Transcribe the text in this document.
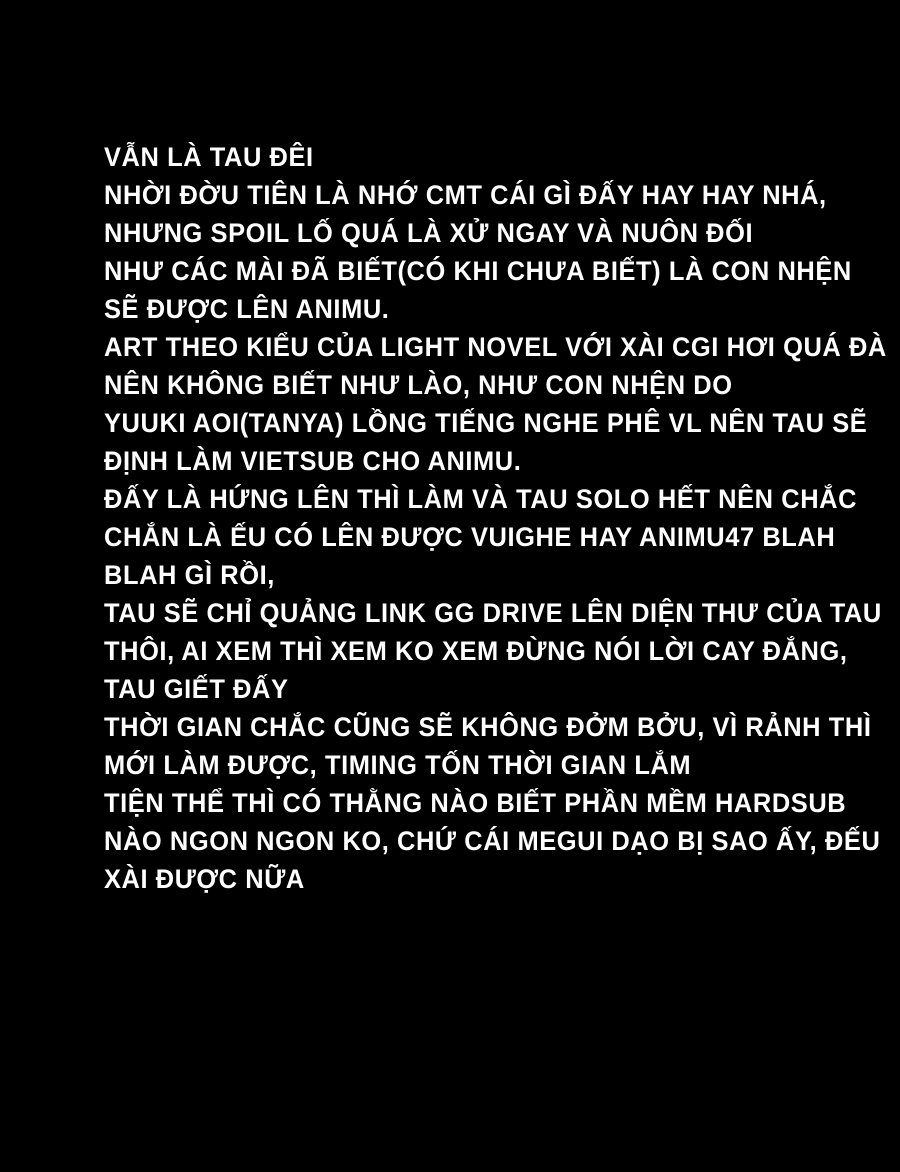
VẪN LÀ TAU ĐÊI
NHỜI ĐỜU TIÊN LÀ NHỚ CMT CÁI GÌ ĐẤY HAY HAY NHÁ,
NHƯNG SPOIL LỐ QUÁ LÀ XỬ NGAY VÀ NUÔN ĐỐI
NHƯ CÁC MÀI ĐÃ BIẾT(CÓ KHI CHƯA BIẾT) LÀ CON NHỆN
SẼ ĐƯỢC LÊN ANIMU.
ART THEO KIỂU CỦA LIGHT NOVEL VỚI XÀI CGI HƠI QUÁ ĐÀ
NÊN KHÔNG BIẾT NHƯ LÀO, NHƯ CON NHỆN DO
YUUKI AOI(TANYA) LỒNG TIẾNG NGHE PHÊ VL NÊN TAU SẼ
ĐỊNH LÀM VIETSUB CHO ANIMU.
ĐẤY LÀ HỨNG LÊN THÌ LÀM VÀ TAU SOLO HẾT NÊN CHẮC
CHẮN LÀ ẾU CÓ LÊN ĐƯỢC VUIGHE HAY ANIMU47 BLAH
BLAH GÌ RỒI,
TAU SẼ CHỈ QUẢNG LINK GG DRIVE LÊN DIỆN THƯ CỦA TAU
THÔI, AI XEM THÌ XEM KO XEM ĐỪNG NÓI LỜI CAY ĐẮNG,
TAU GIẾT ĐẤY
THỜI GIAN CHẮC CŨNG SẼ KHÔNG ĐỞM BỞU, VÌ RẢNH THÌ
MỚI LÀM ĐƯỢC, TIMING TỐN THỜI GIAN LẮM
TIỆN THỂ THÌ CÓ THẰNG NÀO BIẾT PHẦN MỀM HARDSUB
NÀO NGON NGON KO, CHỨ CÁI MEGUI DẠO BỊ SAO ẤY, ĐẾU
XÀI ĐƯỢC NỮA
